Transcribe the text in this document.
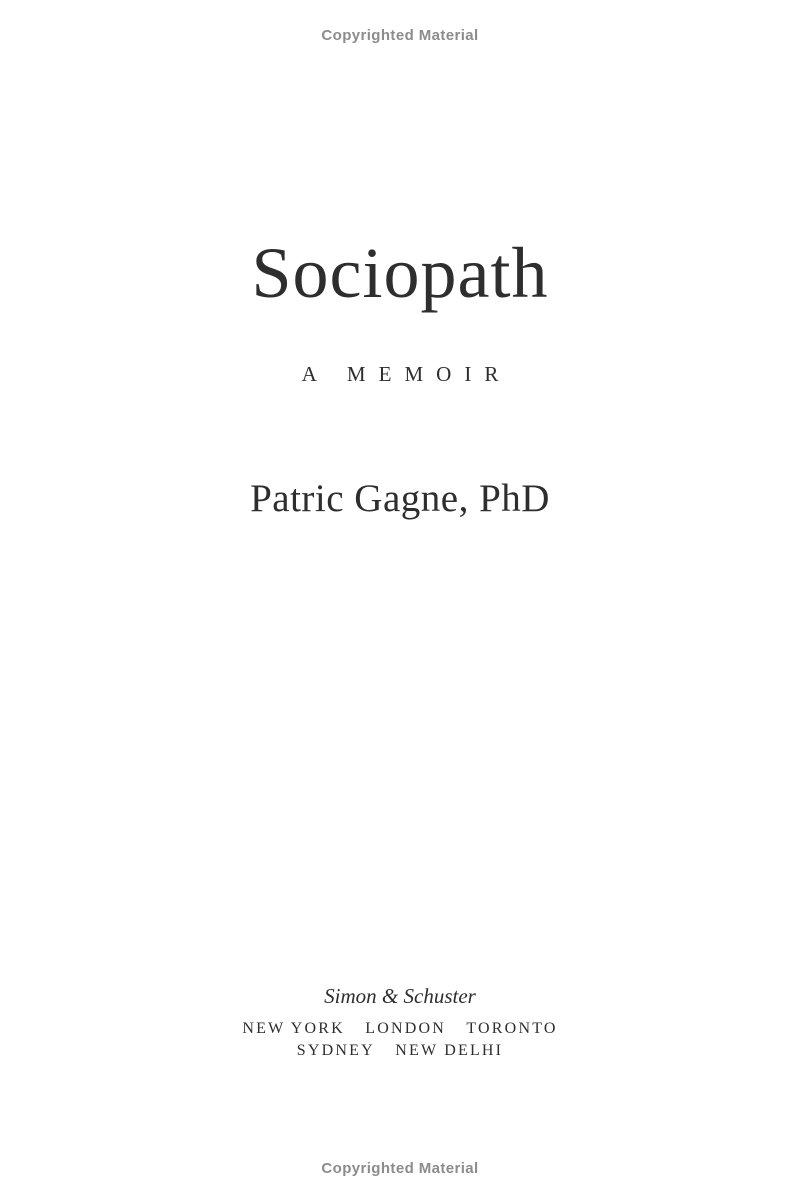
Copyrighted Material
Sociopath
A MEMOIR
Patric Gagne, PhD
Simon & Schuster
NEW YORK  LONDON  TORONTO
SYDNEY  NEW DELHI
Copyrighted Material
